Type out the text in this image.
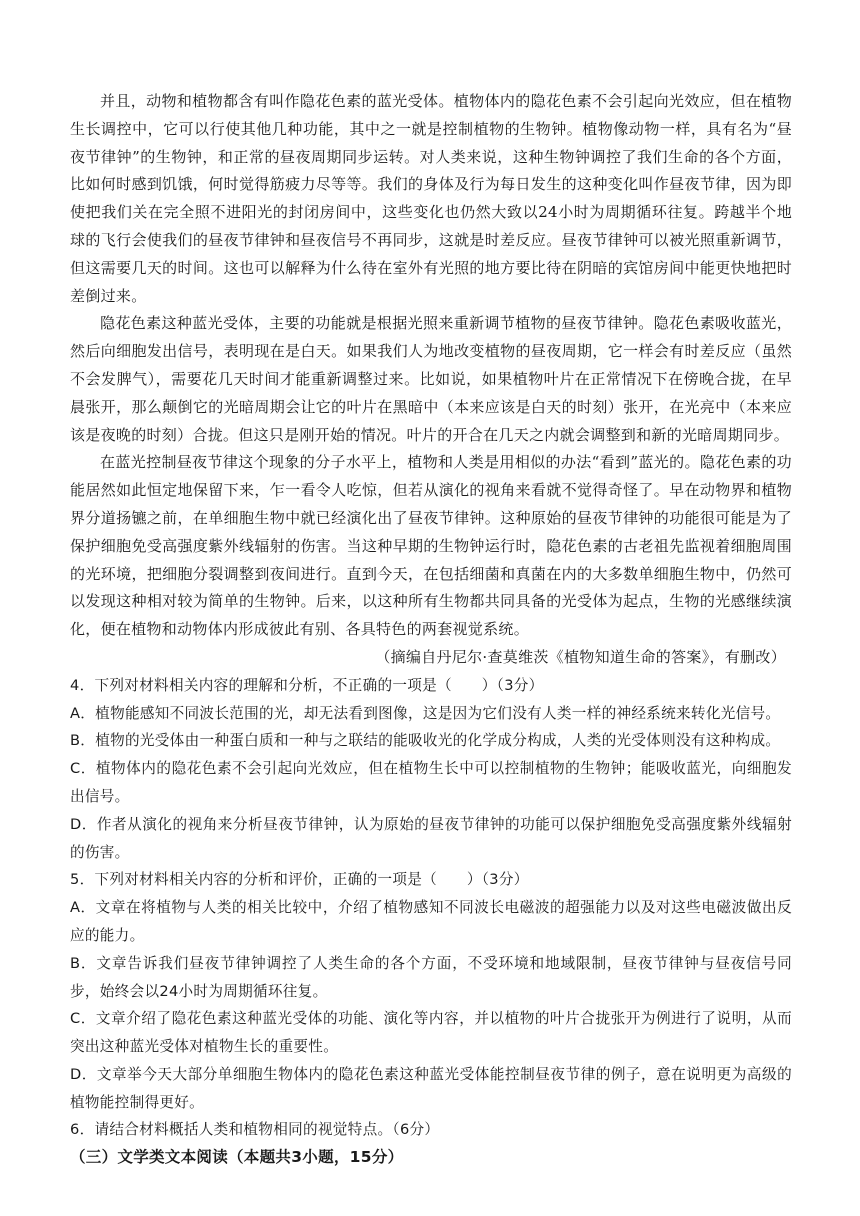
并且，动物和植物都含有叫作隐花色素的蓝光受体。植物体内的隐花色素不会引起向光效应，但在植物生长调控中，它可以行使其他几种功能，其中之一就是控制植物的生物钟。植物像动物一样，具有名为“昼夜节律钟”的生物钟，和正常的昼夜周期同步运转。对人类来说，这种生物钟调控了我们生命的各个方面，比如何时感到饥饿，何时觉得筋疲力尽等等。我们的身体及行为每日发生的这种变化叫作昼夜节律，因为即使把我们关在完全照不进阳光的封闭房间中，这些变化也仍然大致以24小时为周期循环往复。跨越半个地球的飞行会使我们的昼夜节律钟和昼夜信号不再同步，这就是时差反应。昼夜节律钟可以被光照重新调节，但这需要几天的时间。这也可以解释为什么待在室外有光照的地方要比待在阴暗的宾馆房间中能更快地把时差倒过来。

隐花色素这种蓝光受体，主要的功能就是根据光照来重新调节植物的昼夜节律钟。隐花色素吸收蓝光，然后向细胞发出信号，表明现在是白天。如果我们人为地改变植物的昼夜周期，它一样会有时差反应（虽然不会发脾气），需要花几天时间才能重新调整过来。比如说，如果植物叶片在正常情况下在傍晚合拢，在早晨张开，那么颠倒它的光暗周期会让它的叶片在黑暗中（本来应该是白天的时刻）张开，在光亮中（本来应该是夜晚的时刻）合拢。但这只是刚开始的情况。叶片的开合在几天之内就会调整到和新的光暗周期同步。

在蓝光控制昼夜节律这个现象的分子水平上，植物和人类是用相似的办法“看到”蓝光的。隐花色素的功能居然如此恒定地保留下来，乍一看令人吃惊，但若从演化的视角来看就不觉得奇怪了。早在动物界和植物界分道扬镳之前，在单细胞生物中就已经演化出了昼夜节律钟。这种原始的昼夜节律钟的功能很可能是为了保护细胞免受高强度紫外线辐射的伤害。当这种早期的生物钟运行时，隐花色素的古老祖先监视着细胞周围的光环境，把细胞分裂调整到夜间进行。直到今天，在包括细菌和真菌在内的大多数单细胞生物中，仍然可以发现这种相对较为简单的生物钟。后来，以这种所有生物都共同具备的光受体为起点，生物的光感继续演化，便在植物和动物体内形成彼此有别、各具特色的两套视觉系统。

（摘编自丹尼尔·查莫维茨《植物知道生命的答案》，有删改）

4．下列对材料相关内容的理解和分析，不正确的一项是（　　）（3分）

A．植物能感知不同波长范围的光，却无法看到图像，这是因为它们没有人类一样的神经系统来转化光信号。

B．植物的光受体由一种蛋白质和一种与之联结的能吸收光的化学成分构成，人类的光受体则没有这种构成。

C．植物体内的隐花色素不会引起向光效应，但在植物生长中可以控制植物的生物钟；能吸收蓝光，向细胞发出信号。

D．作者从演化的视角来分析昼夜节律钟，认为原始的昼夜节律钟的功能可以保护细胞免受高强度紫外线辐射的伤害。

5．下列对材料相关内容的分析和评价，正确的一项是（　　）（3分）

A．文章在将植物与人类的相关比较中，介绍了植物感知不同波长电磁波的超强能力以及对这些电磁波做出反应的能力。

B．文章告诉我们昼夜节律钟调控了人类生命的各个方面，不受环境和地域限制，昼夜节律钟与昼夜信号同步，始终会以24小时为周期循环往复。

C．文章介绍了隐花色素这种蓝光受体的功能、演化等内容，并以植物的叶片合拢张开为例进行了说明，从而突出这种蓝光受体对植物生长的重要性。

D．文章举今天大部分单细胞生物体内的隐花色素这种蓝光受体能控制昼夜节律的例子，意在说明更为高级的植物能控制得更好。

6．请结合材料概括人类和植物相同的视觉特点。（6分）

（三）文学类文本阅读（本题共3小题，15分）
